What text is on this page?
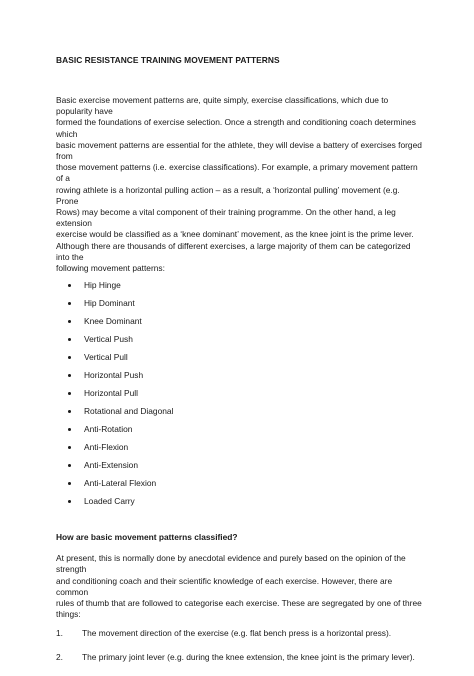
BASIC RESISTANCE TRAINING MOVEMENT PATTERNS

Basic exercise movement patterns are, quite simply, exercise classifications, which due to popularity have
formed the foundations of exercise selection. Once a strength and conditioning coach determines which
basic movement patterns are essential for the athlete, they will devise a battery of exercises forged from
those movement patterns (i.e. exercise classifications). For example, a primary movement pattern of a
rowing athlete is a horizontal pulling action – as a result, a ‘horizontal pulling’ movement (e.g. Prone
Rows) may become a vital component of their training programme. On the other hand, a leg extension
exercise would be classified as a ‘knee dominant’ movement, as the knee joint is the prime lever.
Although there are thousands of different exercises, a large majority of them can be categorized into the
following movement patterns:
Hip Hinge
Hip Dominant
Knee Dominant
Vertical Push
Vertical Pull
Horizontal Push
Horizontal Pull
Rotational and Diagonal
Anti-Rotation
Anti-Flexion
Anti-Extension
Anti-Lateral Flexion
Loaded Carry

How are basic movement patterns classified?

At present, this is normally done by anecdotal evidence and purely based on the opinion of the strength
and conditioning coach and their scientific knowledge of each exercise. However, there are common
rules of thumb that are followed to categorise each exercise. These are segregated by one of three
things:
1. The movement direction of the exercise (e.g. flat bench press is a horizontal press).
2. The primary joint lever (e.g. during the knee extension, the knee joint is the primary lever).
